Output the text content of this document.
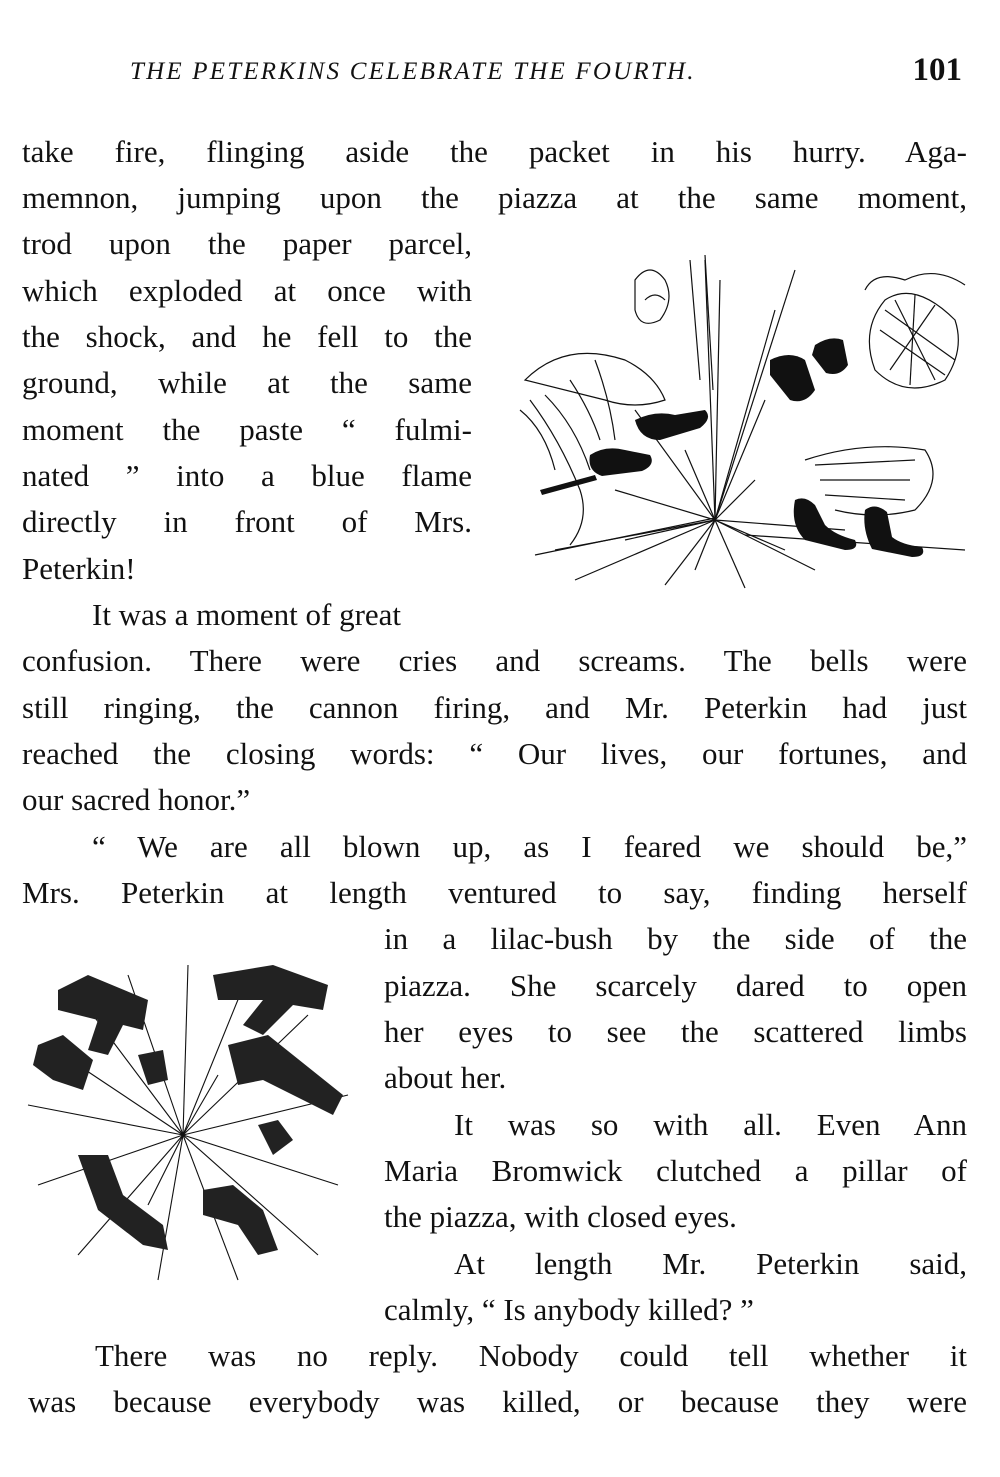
THE PETERKINS CELEBRATE THE FOURTH.	101
take fire, flinging aside the packet in his hurry. Aga-
memnon, jumping upon the piazza at the same moment,
trod upon the paper parcel,
which exploded at once with
the shock, and he fell to the
ground, while at the same
moment the paste “ fulmi-
nated ” into a blue flame
directly in front of Mrs.
Peterkin!
It was a moment of great
confusion. There were cries and screams. The bells were
still ringing, the cannon firing, and Mr. Peterkin had just
reached the closing words: “ Our lives, our fortunes, and
our sacred honor.”
“ We are all blown up, as I feared we should be,”
Mrs. Peterkin at length ventured to say, finding herself
in a lilac-bush by the side of the
piazza. She scarcely dared to open
her eyes to see the scattered limbs
about her.
It was so with all. Even Ann
Maria Bromwick clutched a pillar of
the piazza, with closed eyes.
At length Mr. Peterkin said,
calmly, “ Is anybody killed? ”
There was no reply. Nobody could tell whether it
was because everybody was killed, or because they were
